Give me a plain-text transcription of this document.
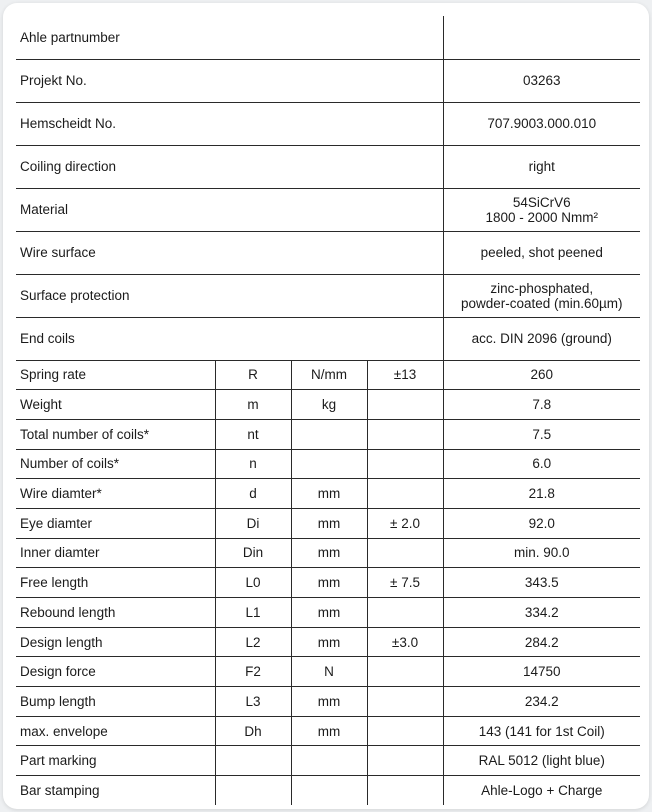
Ahle partnumber				
Projekt No.				03263
Hemscheidt No.				707.9003.000.010
Coiling direction				right
Material				54SiCrV6
1800 - 2000 Nmm²
Wire surface				peeled, shot peened
Surface protection				zinc-phosphated,
powder-coated (min.60µm)
End coils				acc. DIN 2096 (ground)
Spring rate	R	N/mm	±13	260
Weight	m	kg		7.8
Total number of coils*	nt			7.5
Number of coils*	n			6.0
Wire diamter*	d	mm		21.8
Eye diamter	Di	mm	± 2.0	92.0
Inner diamter	Din	mm		min. 90.0
Free length	L0	mm	± 7.5	343.5
Rebound length	L1	mm		334.2
Design length	L2	mm	±3.0	284.2
Design force	F2	N		14750
Bump length	L3	mm		234.2
max. envelope	Dh	mm		143 (141 for 1st Coil)
Part marking				RAL 5012 (light blue)
Bar stamping				Ahle-Logo + Charge
